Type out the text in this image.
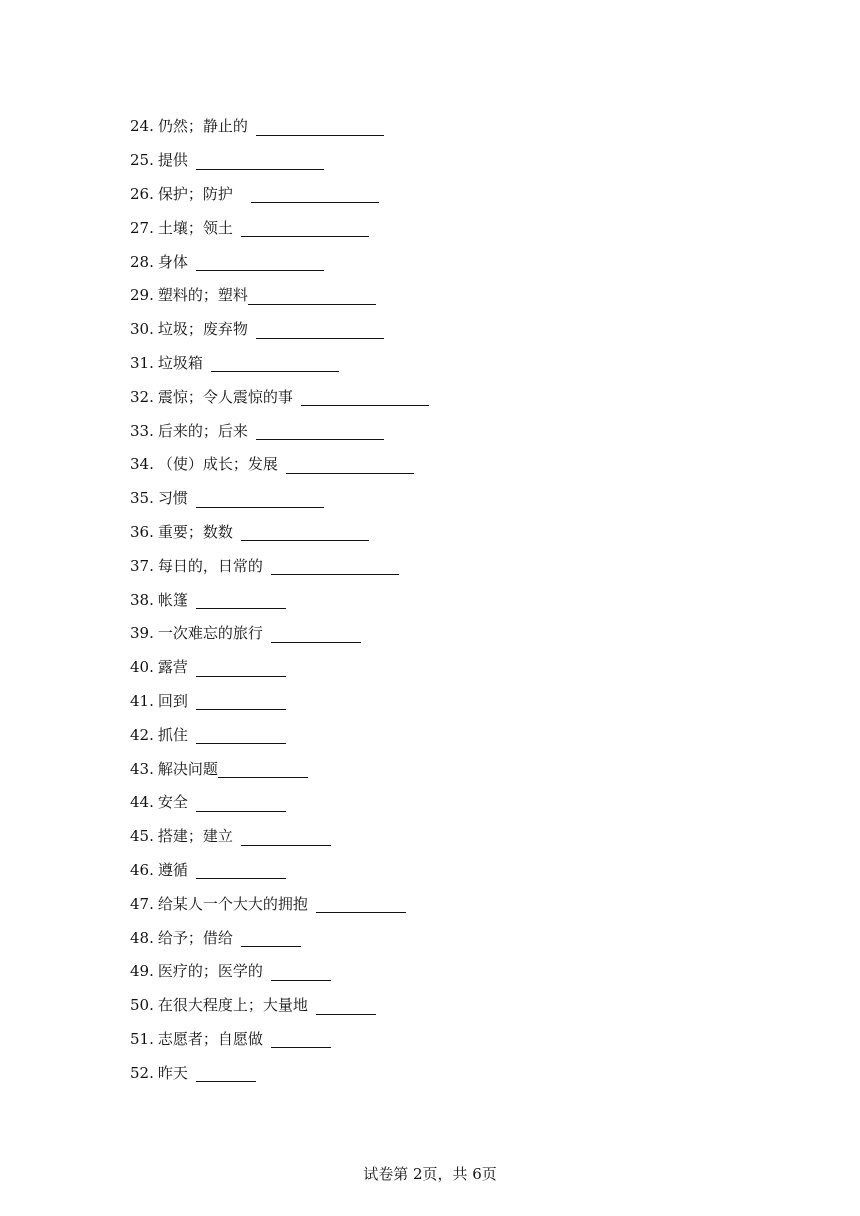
24. 仍然；静止的
25. 提供
26. 保护；防护
27. 土壤；领土
28. 身体
29. 塑料的；塑料
30. 垃圾；废弃物
31. 垃圾箱
32. 震惊；令人震惊的事
33. 后来的；后来
34. （使）成长；发展
35. 习惯
36. 重要；数数
37. 每日的，日常的
38. 帐篷
39. 一次难忘的旅行
40. 露营
41. 回到
42. 抓住
43. 解决问题
44. 安全
45. 搭建；建立
46. 遵循
47. 给某人一个大大的拥抱
48. 给予；借给
49. 医疗的；医学的
50. 在很大程度上；大量地
51. 志愿者；自愿做
52. 昨天
试卷第 2页，共 6页
